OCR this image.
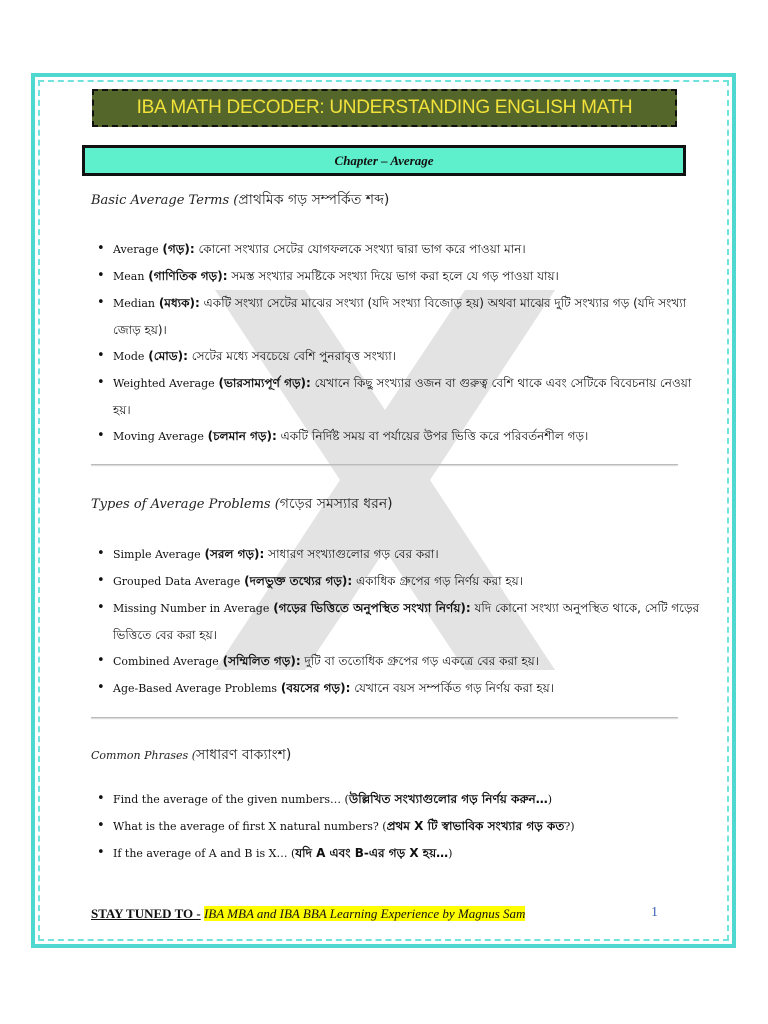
IBA MATH DECODER: UNDERSTANDING ENGLISH MATH
Chapter – Average
Basic Average Terms (প্রাথমিক গড় সম্পর্কিত শব্দ)
• Average (গড়): কোনো সংখ্যার সেটের যোগফলকে সংখ্যা দ্বারা ভাগ করে পাওয়া মান।
• Mean (গাণিতিক গড়): সমস্ত সংখ্যার সমষ্টিকে সংখ্যা দিয়ে ভাগ করা হলে যে গড় পাওয়া যায়।
• Median (মধ্যক): একটি সংখ্যা সেটের মাঝের সংখ্যা (যদি সংখ্যা বিজোড় হয়) অথবা মাঝের দুটি সংখ্যার গড় (যদি সংখ্যা জোড় হয়)।
• Mode (মোড): সেটের মধ্যে সবচেয়ে বেশি পুনরাবৃত্ত সংখ্যা।
• Weighted Average (ভারসাম্যপূর্ণ গড়): যেখানে কিছু সংখ্যার ওজন বা গুরুত্ব বেশি থাকে এবং সেটিকে বিবেচনায় নেওয়া হয়।
• Moving Average (চলমান গড়): একটি নির্দিষ্ট সময় বা পর্যায়ের উপর ভিত্তি করে পরিবর্তনশীল গড়।
Types of Average Problems (গড়ের সমস্যার ধরন)
• Simple Average (সরল গড়): সাধারণ সংখ্যাগুলোর গড় বের করা।
• Grouped Data Average (দলভুক্ত তথ্যের গড়): একাধিক গ্রুপের গড় নির্ণয় করা হয়।
• Missing Number in Average (গড়ের ভিত্তিতে অনুপস্থিত সংখ্যা নির্ণয়): যদি কোনো সংখ্যা অনুপস্থিত থাকে, সেটি গড়ের ভিত্তিতে বের করা হয়।
• Combined Average (সম্মিলিত গড়): দুটি বা ততোধিক গ্রুপের গড় একত্রে বের করা হয়।
• Age-Based Average Problems (বয়সের গড়): যেখানে বয়স সম্পর্কিত গড় নির্ণয় করা হয়।
Common Phrases (সাধারণ বাক্যাংশ)
• Find the average of the given numbers… (উল্লিখিত সংখ্যাগুলোর গড় নির্ণয় করুন…)
• What is the average of first X natural numbers? (প্রথম X টি স্বাভাবিক সংখ্যার গড় কত?)
• If the average of A and B is X… (যদি A এবং B-এর গড় X হয়…)
STAY TUNED TO - IBA MBA and IBA BBA Learning Experience by Magnus Sam	1
